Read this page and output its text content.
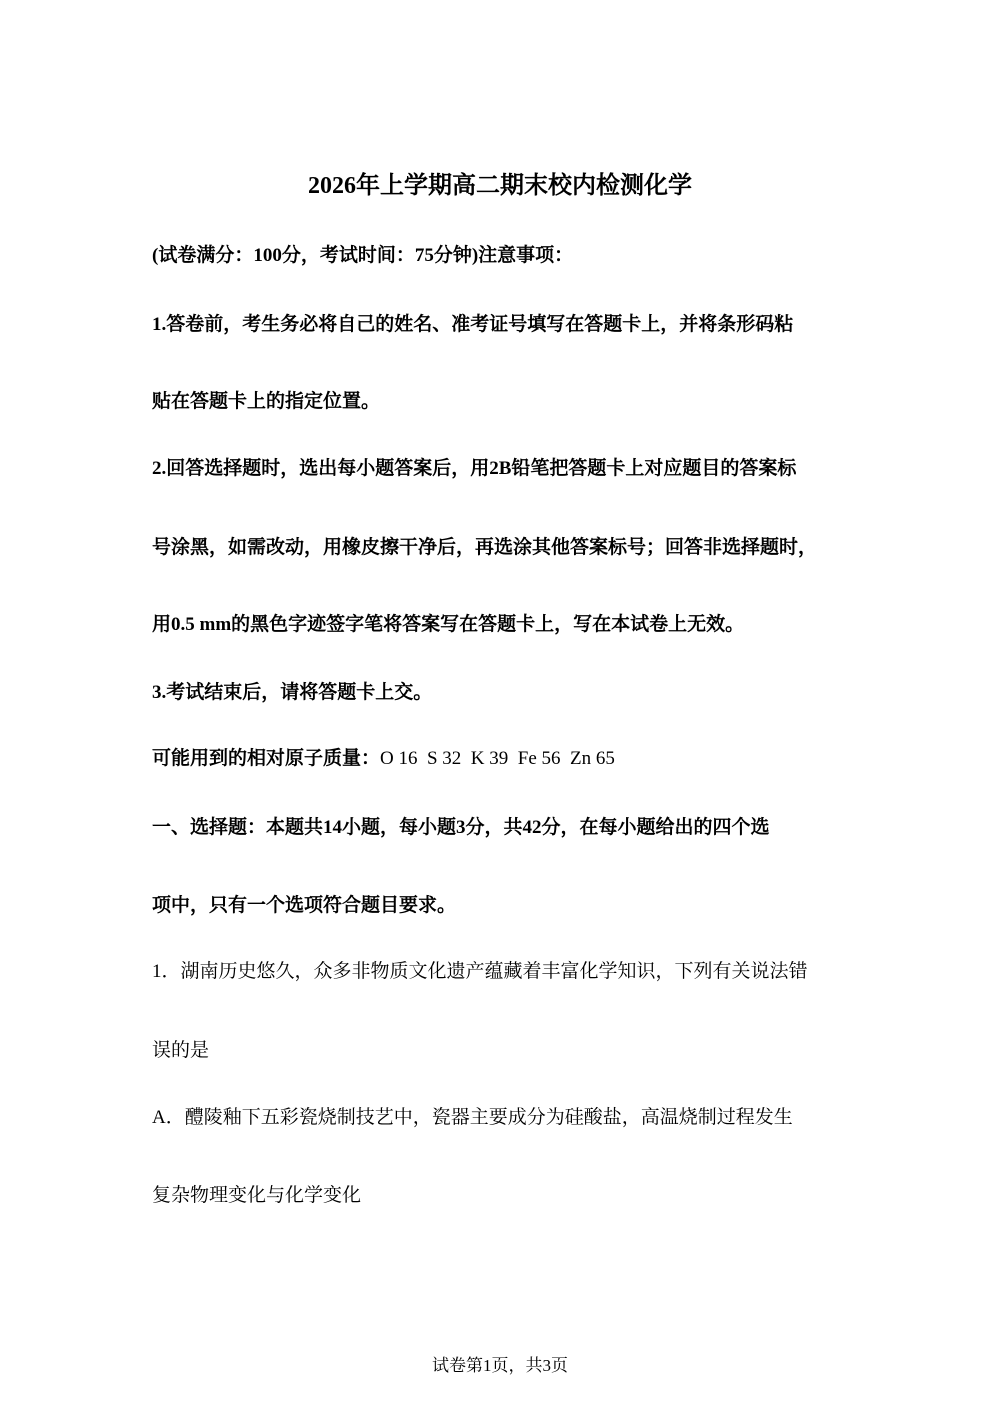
2026年上学期高二期末校内检测化学
(试卷满分：100分，考试时间：75分钟)注意事项：
1.答卷前，考生务必将自己的姓名、准考证号填写在答题卡上，并将条形码粘
贴在答题卡上的指定位置。
2.回答选择题时，选出每小题答案后，用2B铅笔把答题卡上对应题目的答案标
号涂黑，如需改动，用橡皮擦干净后，再选涂其他答案标号；回答非选择题时，
用0.5 mm的黑色字迹签字笔将答案写在答题卡上，写在本试卷上无效。
3.考试结束后，请将答题卡上交。
可能用到的相对原子质量：O 16  S 32  K 39  Fe 56  Zn 65
一、选择题：本题共14小题，每小题3分，共42分，在每小题给出的四个选
项中，只有一个选项符合题目要求。
1．湖南历史悠久，众多非物质文化遗产蕴藏着丰富化学知识，下列有关说法错
误的是
A．醴陵釉下五彩瓷烧制技艺中，瓷器主要成分为硅酸盐，高温烧制过程发生
复杂物理变化与化学变化
试卷第1页，共3页
